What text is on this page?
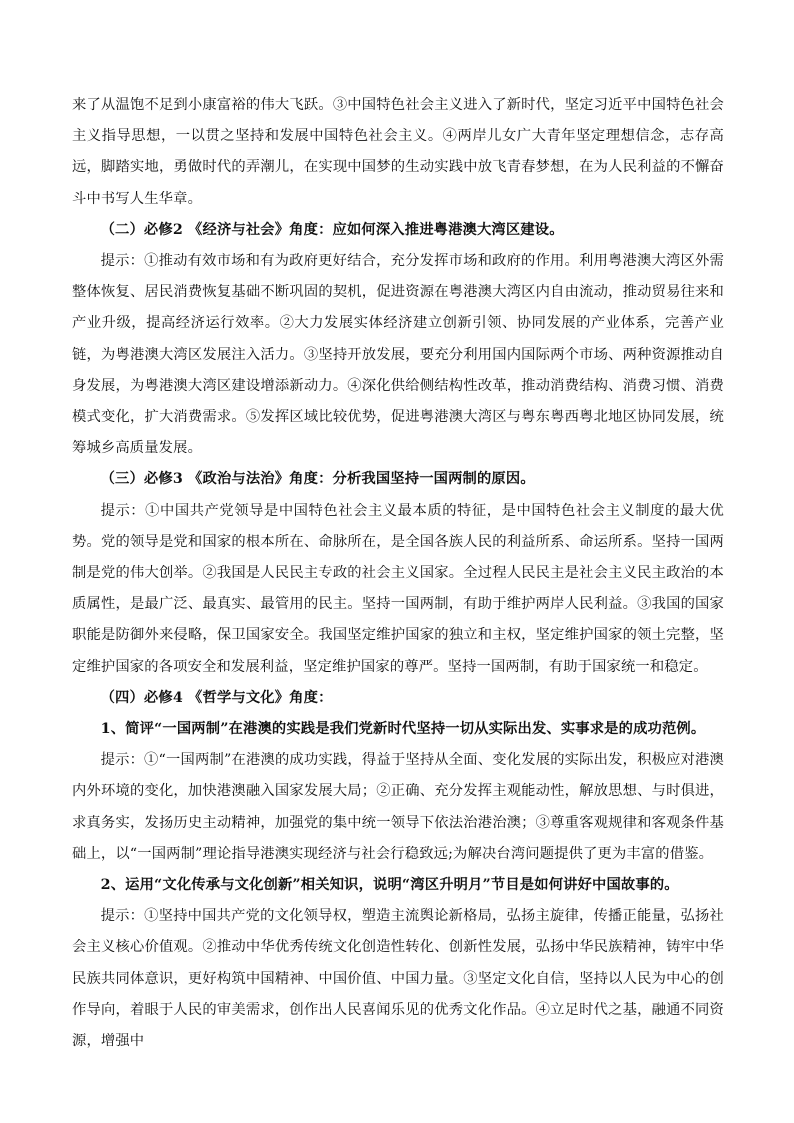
来了从温饱不足到小康富裕的伟大飞跃。③中国特色社会主义进入了新时代，坚定习近平中国特色社会主义指导思想，一以贯之坚持和发展中国特色社会主义。④两岸儿女广大青年坚定理想信念，志存高远，脚踏实地，勇做时代的弄潮儿，在实现中国梦的生动实践中放飞青春梦想，在为人民利益的不懈奋斗中书写人生华章。

（二）必修2 《经济与社会》角度：应如何深入推进粤港澳大湾区建设。

提示：①推动有效市场和有为政府更好结合，充分发挥市场和政府的作用。利用粤港澳大湾区外需整体恢复、居民消费恢复基础不断巩固的契机，促进资源在粤港澳大湾区内自由流动，推动贸易往来和产业升级，提高经济运行效率。②大力发展实体经济建立创新引领、协同发展的产业体系，完善产业链，为粤港澳大湾区发展注入活力。③坚持开放发展，要充分利用国内国际两个市场、两种资源推动自身发展，为粤港澳大湾区建设增添新动力。④深化供给侧结构性改革，推动消费结构、消费习惯、消费模式变化，扩大消费需求。⑤发挥区域比较优势，促进粤港澳大湾区与粤东粤西粤北地区协同发展，统筹城乡高质量发展。

（三）必修3 《政治与法治》角度：分析我国坚持一国两制的原因。

提示：①中国共产党领导是中国特色社会主义最本质的特征，是中国特色社会主义制度的最大优势。党的领导是党和国家的根本所在、命脉所在，是全国各族人民的利益所系、命运所系。坚持一国两制是党的伟大创举。②我国是人民民主专政的社会主义国家。全过程人民民主是社会主义民主政治的本质属性，是最广泛、最真实、最管用的民主。坚持一国两制，有助于维护两岸人民利益。③我国的国家职能是防御外来侵略，保卫国家安全。我国坚定维护国家的独立和主权，坚定维护国家的领土完整，坚定维护国家的各项安全和发展利益，坚定维护国家的尊严。坚持一国两制，有助于国家统一和稳定。

（四）必修4 《哲学与文化》角度：

1、简评“一国两制”在港澳的实践是我们党新时代坚持一切从实际出发、实事求是的成功范例。

提示：①“一国两制”在港澳的成功实践，得益于坚持从全面、变化发展的实际出发，积极应对港澳内外环境的变化，加快港澳融入国家发展大局；②正确、充分发挥主观能动性，解放思想、与时俱进，求真务实，发扬历史主动精神，加强党的集中统一领导下依法治港治澳；③尊重客观规律和客观条件基础上，以“一国两制”理论指导港澳实现经济与社会行稳致远;为解决台湾问题提供了更为丰富的借鉴。

2、运用“文化传承与文化创新”相关知识，说明“湾区升明月”节目是如何讲好中国故事的。

提示：①坚持中国共产党的文化领导权，塑造主流舆论新格局，弘扬主旋律，传播正能量，弘扬社会主义核心价值观。②推动中华优秀传统文化创造性转化、创新性发展，弘扬中华民族精神，铸牢中华民族共同体意识，更好构筑中国精神、中国价值、中国力量。③坚定文化自信，坚持以人民为中心的创作导向，着眼于人民的审美需求，创作出人民喜闻乐见的优秀文化作品。④立足时代之基，融通不同资源，增强中
